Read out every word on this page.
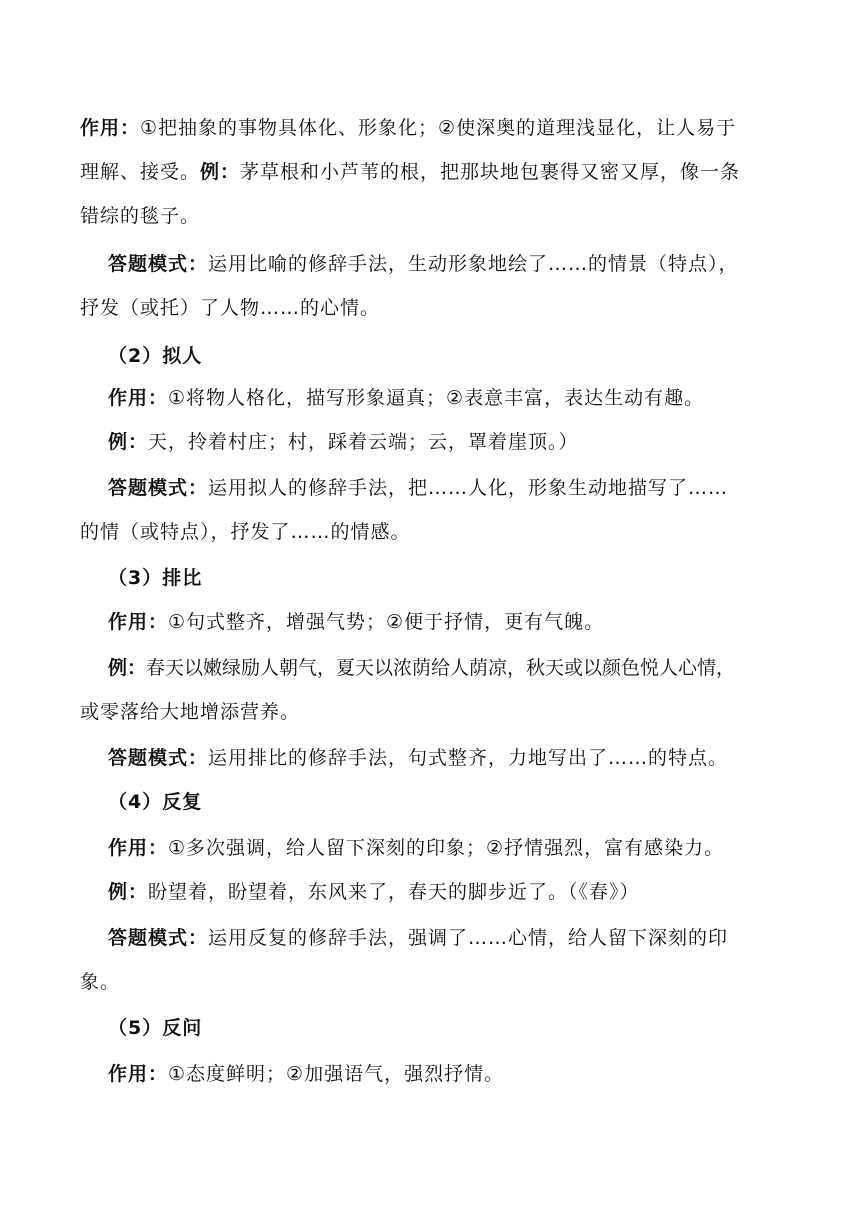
作用：①把抽象的事物具体化、形象化；②使深奥的道理浅显化，让人易于

理解、接受。例：茅草根和小芦苇的根，把那块地包裹得又密又厚，像一条

错综的毯子。

答题模式：运用比喻的修辞手法，生动形象地绘了……的情景（特点），

抒发（或托）了人物……的心情。

（2）拟人

作用：①将物人格化，描写形象逼真；②表意丰富，表达生动有趣。

例：天，拎着村庄；村，踩着云端；云，罩着崖顶。）

答题模式：运用拟人的修辞手法，把……人化，形象生动地描写了……

的情（或特点），抒发了……的情感。

（3）排比

作用：①句式整齐，增强气势；②便于抒情，更有气魄。

例：春天以嫩绿励人朝气，夏天以浓荫给人荫凉，秋天或以颜色悦人心情，

或零落给大地增添营养。

答题模式：运用排比的修辞手法，句式整齐，力地写出了……的特点。

（4）反复

作用：①多次强调，给人留下深刻的印象；②抒情强烈，富有感染力。

例：盼望着，盼望着，东风来了，春天的脚步近了。（《春》）

答题模式：运用反复的修辞手法，强调了……心情，给人留下深刻的印

象。

（5）反问

作用：①态度鲜明；②加强语气，强烈抒情。
